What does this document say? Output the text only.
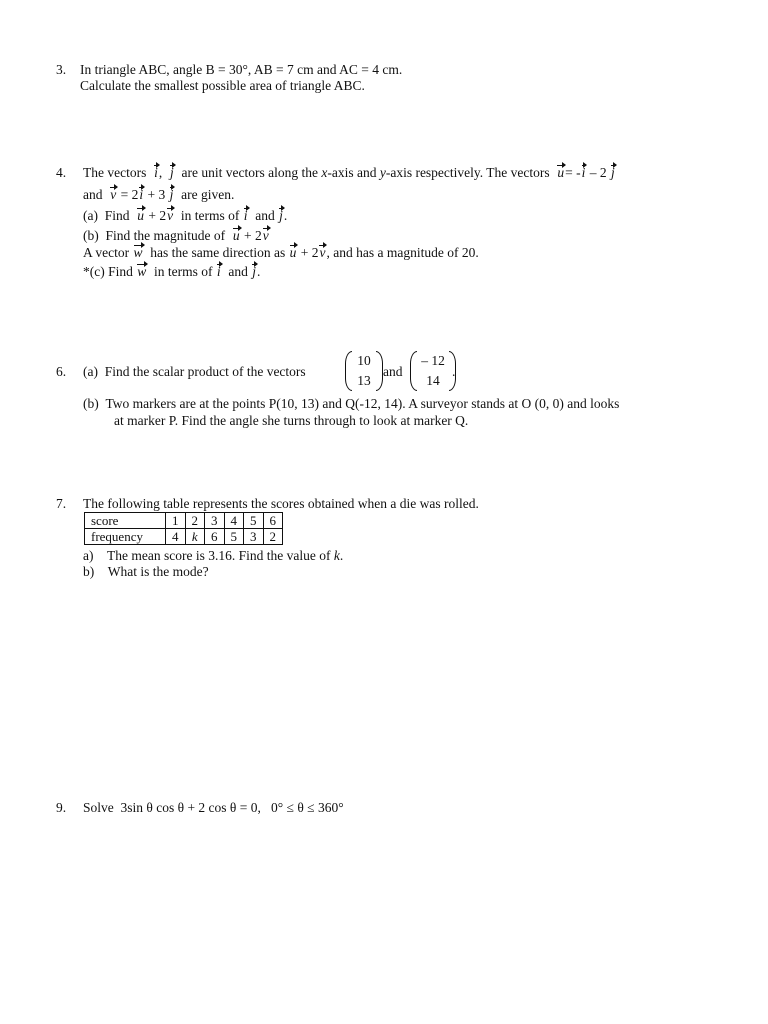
3. In triangle ABC, angle B = 30°, AB = 7 cm and AC = 4 cm.
Calculate the smallest possible area of triangle ABC.
4. The vectors i, j are unit vectors along the x-axis and y-axis respectively. The vectors u= -i – 2 j
and v = 2i + 3 j are given.
(a) Find u + 2v in terms of i and j.
(b) Find the magnitude of u + 2v
A vector w has the same direction as u + 2v, and has a magnitude of 20.
*(c) Find w in terms of i and j.
6. (a) Find the scalar product of the vectors
10
13
and
– 12
14
.
(b) Two markers are at the points P(10, 13) and Q(-12, 14). A surveyor stands at O (0, 0) and looks
at marker P. Find the angle she turns through to look at marker Q.
7. The following table represents the scores obtained when a die was rolled.
score	1	2	3	4	5	6
frequency	4	k	6	5	3	2
a) The mean score is 3.16. Find the value of k.
b) What is the mode?
9. Solve 3sin θ cos θ + 2 cos θ = 0, 0° ≤ θ ≤ 360°
